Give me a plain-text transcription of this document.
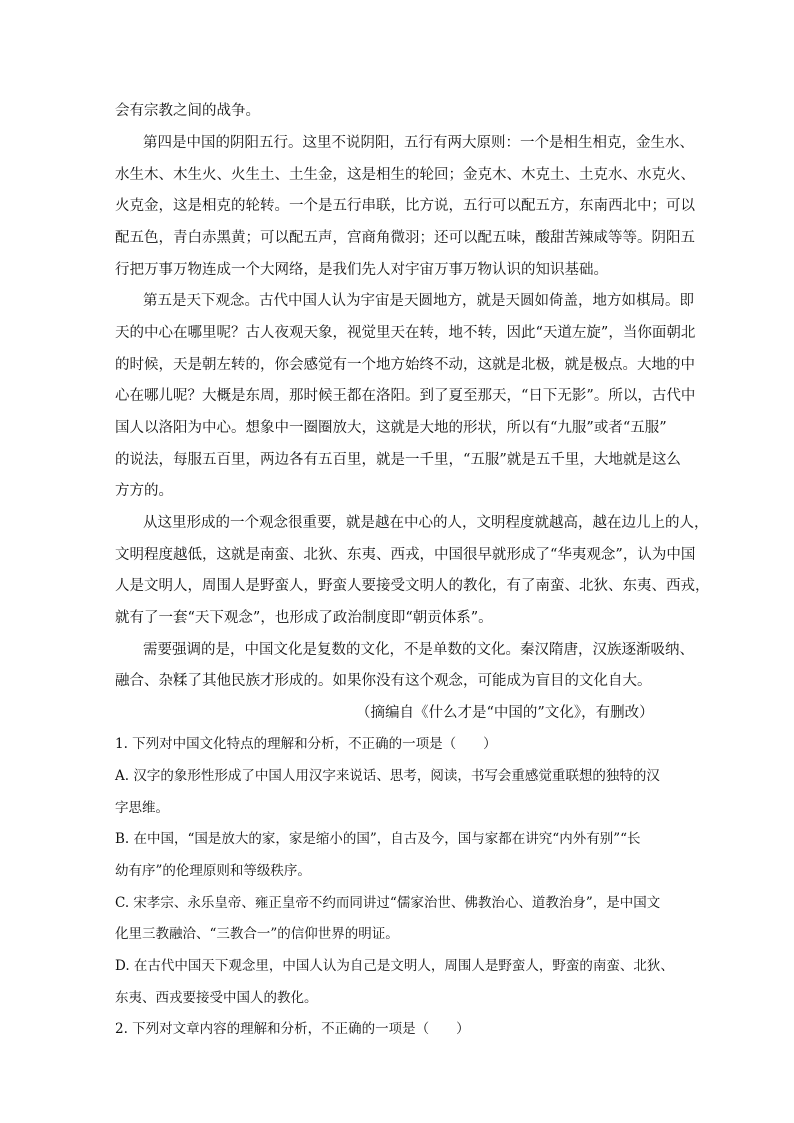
会有宗教之间的战争。
第四是中国的阴阳五行。这里不说阴阳，五行有两大原则：一个是相生相克，金生水、
水生木、木生火、火生土、土生金，这是相生的轮回；金克木、木克土、土克水、水克火、
火克金，这是相克的轮转。一个是五行串联，比方说，五行可以配五方，东南西北中；可以
配五色，青白赤黑黄；可以配五声，宫商角微羽；还可以配五味，酸甜苦辣咸等等。阴阳五
行把万事万物连成一个大网络，是我们先人对宇宙万事万物认识的知识基础。
第五是天下观念。古代中国人认为宇宙是天圆地方，就是天圆如倚盖，地方如棋局。即
天的中心在哪里呢？古人夜观天象，视觉里天在转，地不转，因此“天道左旋”，当你面朝北
的时候，天是朝左转的，你会感觉有一个地方始终不动，这就是北极，就是极点。大地的中
心在哪儿呢？大概是东周，那时候王都在洛阳。到了夏至那天，“日下无影”。所以，古代中
国人以洛阳为中心。想象中一圈圈放大，这就是大地的形状，所以有“九服”或者“五服”
的说法，每服五百里，两边各有五百里，就是一千里，“五服”就是五千里，大地就是这么
方方的。
从这里形成的一个观念很重要，就是越在中心的人，文明程度就越高，越在边儿上的人，
文明程度越低，这就是南蛮、北狄、东夷、西戎，中国很早就形成了“华夷观念”，认为中国
人是文明人，周围人是野蛮人，野蛮人要接受文明人的教化，有了南蛮、北狄、东夷、西戎，
就有了一套“天下观念”，也形成了政治制度即“朝贡体系”。
需要强调的是，中国文化是复数的文化，不是单数的文化。秦汉隋唐，汉族逐渐吸纳、
融合、杂糅了其他民族才形成的。如果你没有这个观念，可能成为盲目的文化自大。
（摘编自《什么才是“中国的”文化》，有删改）
1. 下列对中国文化特点的理解和分析，不正确的一项是（　　）
A. 汉字的象形性形成了中国人用汉字来说话、思考，阅读，书写会重感觉重联想的独特的汉
字思维。
B. 在中国，“国是放大的家，家是缩小的国”，自古及今，国与家都在讲究“内外有别”“长
幼有序”的伦理原则和等级秩序。
C. 宋孝宗、永乐皇帝、雍正皇帝不约而同讲过“儒家治世、佛教治心、道教治身”，是中国文
化里三教融洽、“三教合一”的信仰世界的明证。
D. 在古代中国天下观念里，中国人认为自己是文明人，周围人是野蛮人，野蛮的南蛮、北狄、
东夷、西戎要接受中国人的教化。
2. 下列对文章内容的理解和分析，不正确的一项是（　　）
